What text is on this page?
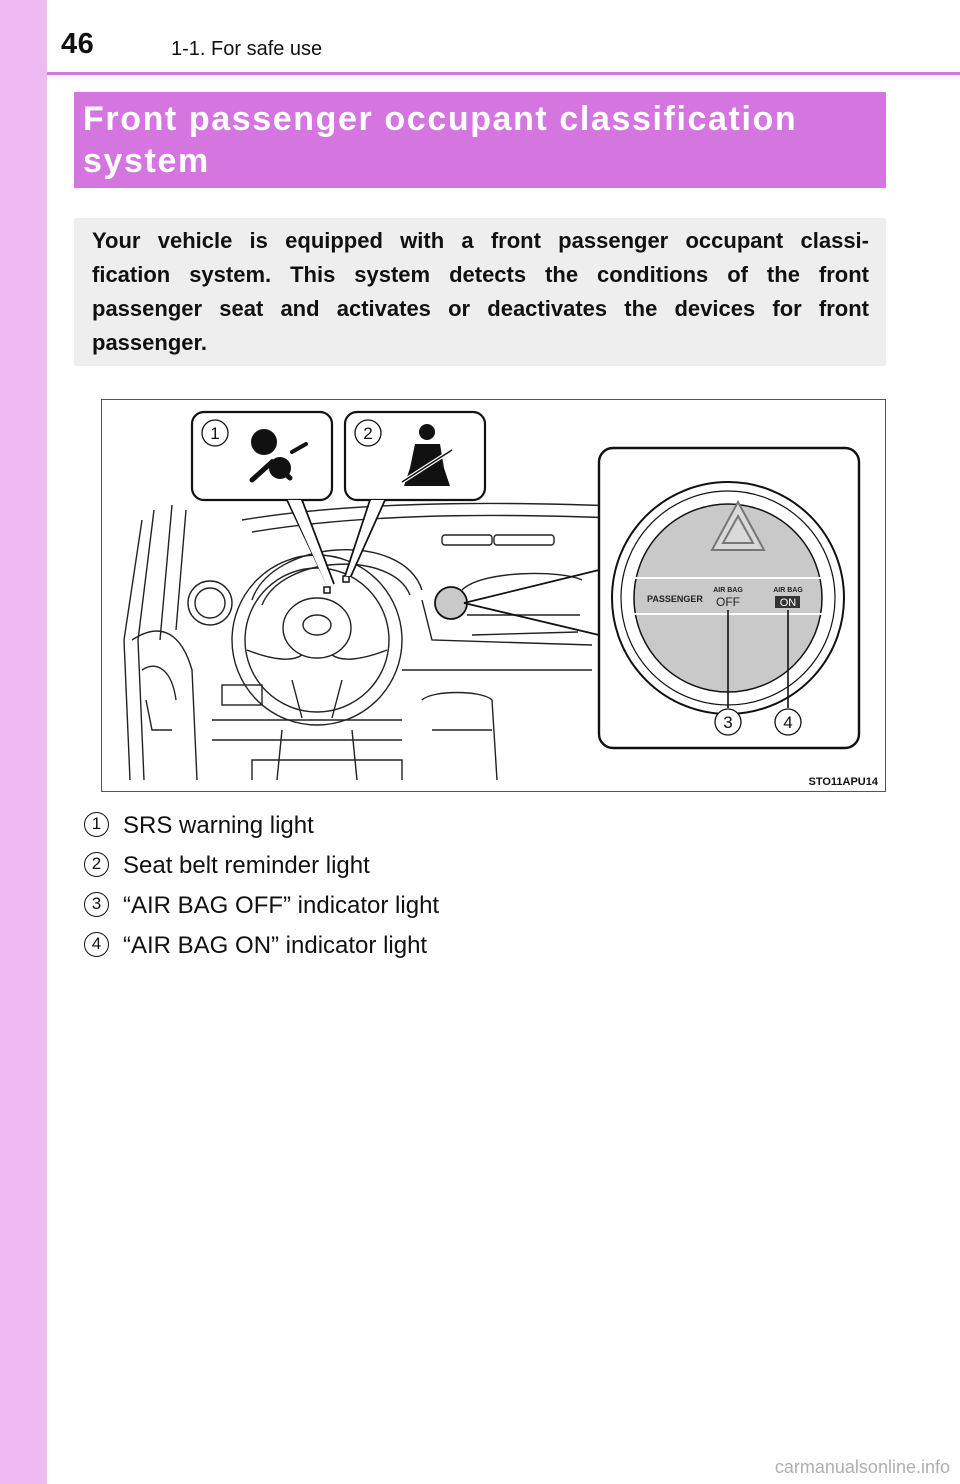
46	1-1. For safe use
Front passenger occupant classification system
Your vehicle is equipped with a front passenger occupant classi-
fication system. This system detects the conditions of the front
passenger seat and activates or deactivates the devices for front
passenger.
1	2
PASSENGER
AIR BAG
OFF
AIR BAG
ON
3	4
STO11APU14
1 SRS warning light
2 Seat belt reminder light
3 “AIR BAG OFF” indicator light
4 “AIR BAG ON” indicator light
carmanualsonline.info
